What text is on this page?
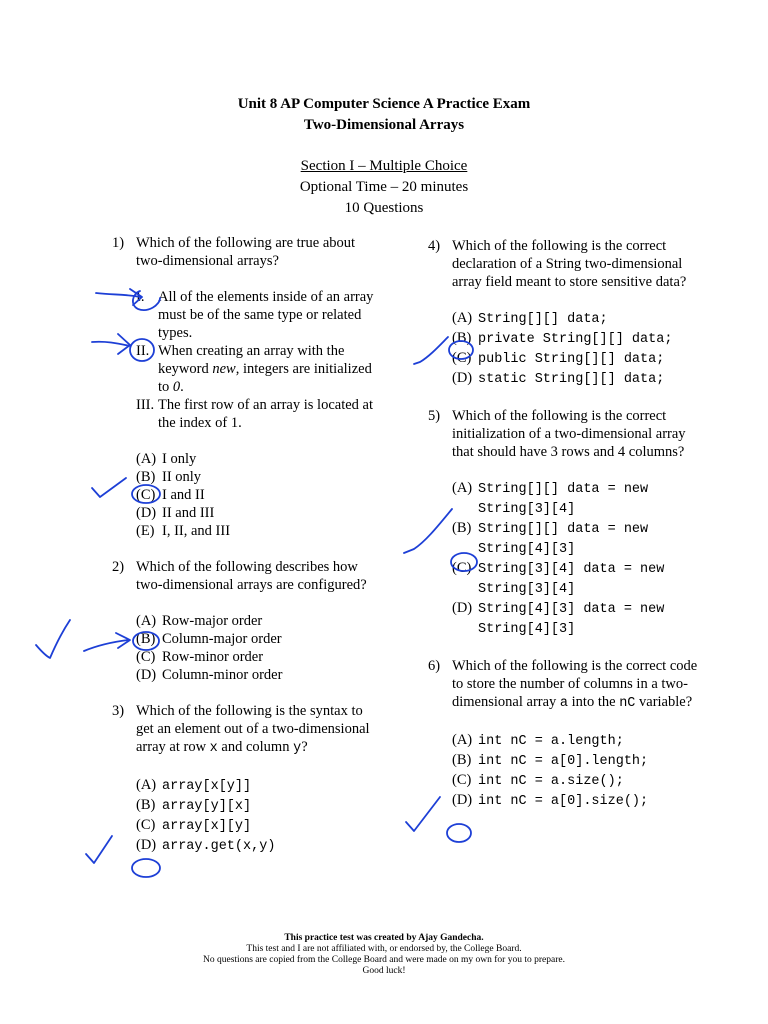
Unit 8 AP Computer Science A Practice Exam
Two-Dimensional Arrays
Section I – Multiple Choice
Optional Time – 20 minutes
10 Questions
1) Which of the following are true about two-dimensional arrays?
I. All of the elements inside of an array must be of the same type or related types.
II. When creating an array with the keyword new, integers are initialized to 0.
III. The first row of an array is located at the index of 1.
(A) I only
(B) II only
(C) I and II
(D) II and III
(E) I, II, and III
2) Which of the following describes how two-dimensional arrays are configured?
(A) Row-major order
(B) Column-major order
(C) Row-minor order
(D) Column-minor order
3) Which of the following is the syntax to get an element out of a two-dimensional array at row x and column y?
(A) array[x[y]]
(B) array[y][x]
(C) array[x][y]
(D) array.get(x,y)
4) Which of the following is the correct declaration of a String two-dimensional array field meant to store sensitive data?
(A) String[][] data;
(B) private String[][] data;
(C) public String[][] data;
(D) static String[][] data;
5) Which of the following is the correct initialization of a two-dimensional array that should have 3 rows and 4 columns?
(A) String[][] data = new String[3][4]
(B) String[][] data = new String[4][3]
(C) String[3][4] data = new String[3][4]
(D) String[4][3] data = new String[4][3]
6) Which of the following is the correct code to store the number of columns in a two-dimensional array a into the nC variable?
(A) int nC = a.length;
(B) int nC = a[0].length;
(C) int nC = a.size();
(D) int nC = a[0].size();
This practice test was created by Ajay Gandecha.
This test and I are not affiliated with, or endorsed by, the College Board.
No questions are copied from the College Board and were made on my own for you to prepare.
Good luck!
